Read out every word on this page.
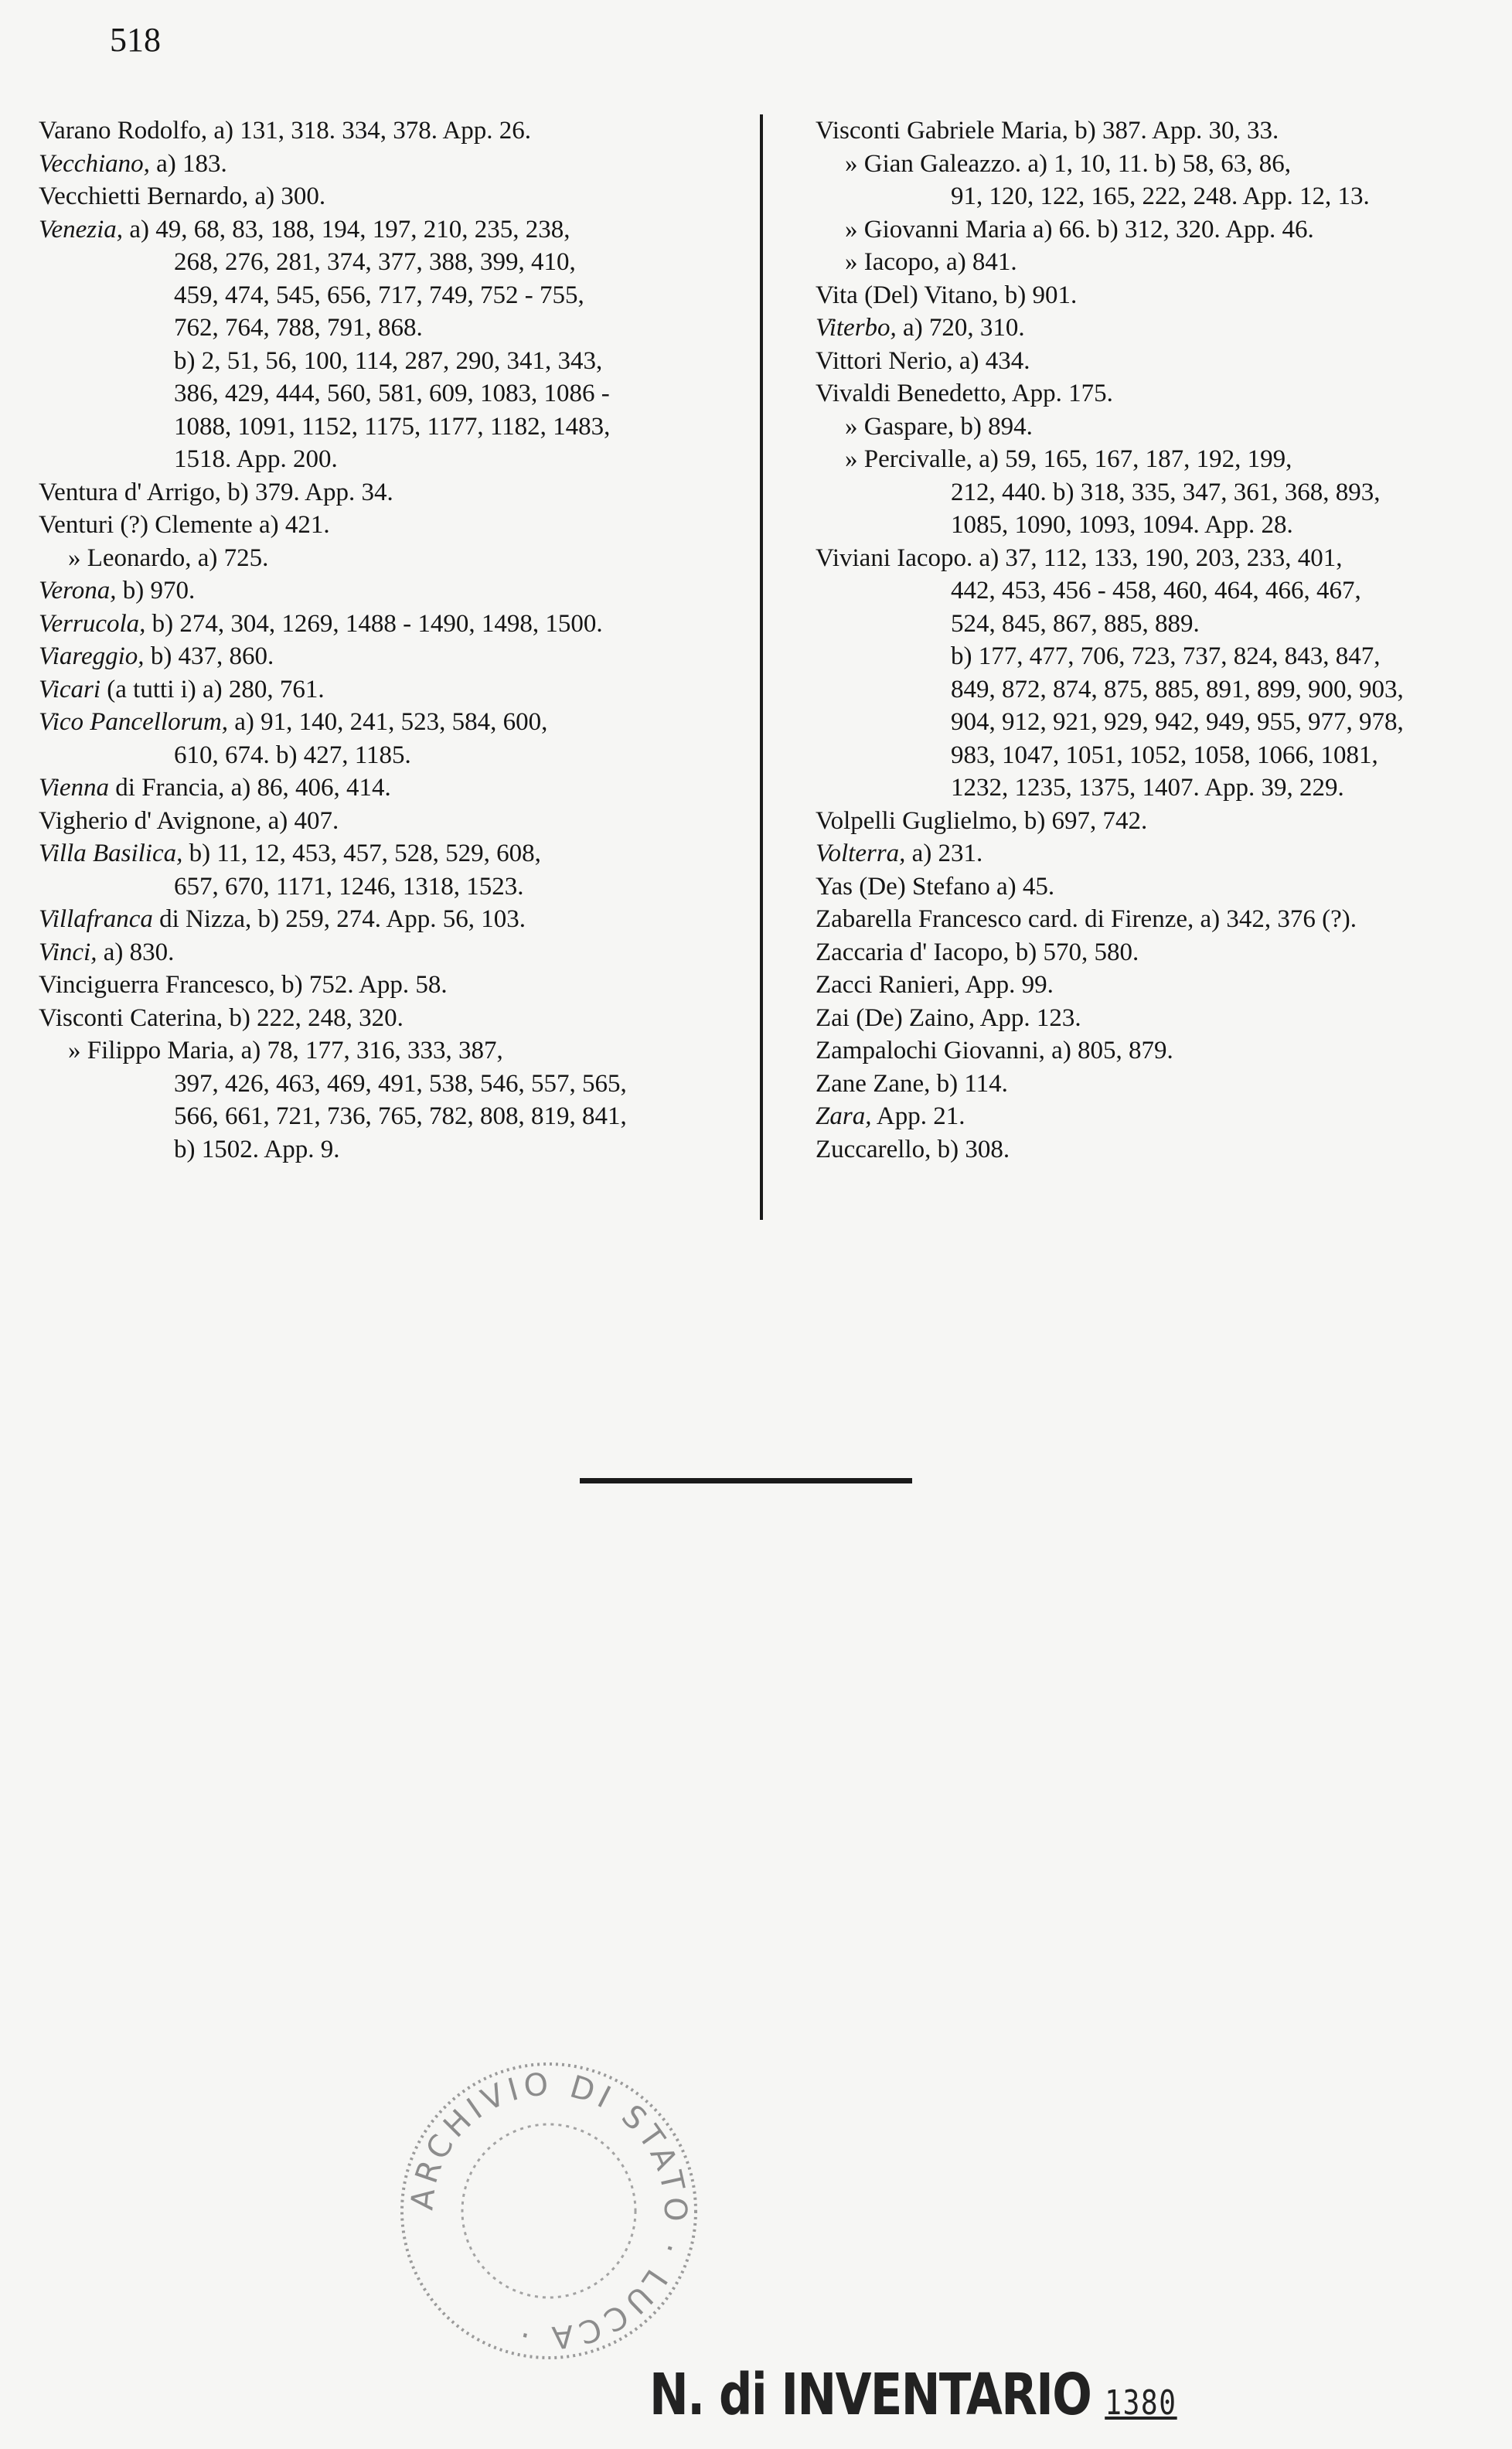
518

Varano Rodolfo, a) 131, 318. 334, 378. App. 26.

Vecchiano, a) 183.

Vecchietti Bernardo, a) 300.

Venezia, a) 49, 68, 83, 188, 194, 197, 210, 235, 238,

268, 276, 281, 374, 377, 388, 399, 410,

459, 474, 545, 656, 717, 749, 752 - 755,

762, 764, 788, 791, 868.

b) 2, 51, 56, 100, 114, 287, 290, 341, 343,

386, 429, 444, 560, 581, 609, 1083, 1086 -

1088, 1091, 1152, 1175, 1177, 1182, 1483,

1518. App. 200.

Ventura d' Arrigo, b) 379. App. 34.

Venturi (?) Clemente a) 421.

» Leonardo, a) 725.

Verona, b) 970.

Verrucola, b) 274, 304, 1269, 1488 - 1490, 1498, 1500.

Viareggio, b) 437, 860.

Vicari (a tutti i) a) 280, 761.

Vico Pancellorum, a) 91, 140, 241, 523, 584, 600,

610, 674. b) 427, 1185.

Vienna di Francia, a) 86, 406, 414.

Vigherio d' Avignone, a) 407.

Villa Basilica, b) 11, 12, 453, 457, 528, 529, 608,

657, 670, 1171, 1246, 1318, 1523.

Villafranca di Nizza, b) 259, 274. App. 56, 103.

Vinci, a) 830.

Vinciguerra Francesco, b) 752. App. 58.

Visconti Caterina, b) 222, 248, 320.

» Filippo Maria, a) 78, 177, 316, 333, 387,

397, 426, 463, 469, 491, 538, 546, 557, 565,

566, 661, 721, 736, 765, 782, 808, 819, 841,

b) 1502. App. 9.

Visconti Gabriele Maria, b) 387. App. 30, 33.

» Gian Galeazzo. a) 1, 10, 11. b) 58, 63, 86,

91, 120, 122, 165, 222, 248. App. 12, 13.

» Giovanni Maria a) 66. b) 312, 320. App. 46.

» Iacopo, a) 841.

Vita (Del) Vitano, b) 901.

Viterbo, a) 720, 310.

Vittori Nerio, a) 434.

Vivaldi Benedetto, App. 175.

» Gaspare, b) 894.

» Percivalle, a) 59, 165, 167, 187, 192, 199,

212, 440. b) 318, 335, 347, 361, 368, 893,

1085, 1090, 1093, 1094. App. 28.

Viviani Iacopo. a) 37, 112, 133, 190, 203, 233, 401,

442, 453, 456 - 458, 460, 464, 466, 467,

524, 845, 867, 885, 889.

b) 177, 477, 706, 723, 737, 824, 843, 847,

849, 872, 874, 875, 885, 891, 899, 900, 903,

904, 912, 921, 929, 942, 949, 955, 977, 978,

983, 1047, 1051, 1052, 1058, 1066, 1081,

1232, 1235, 1375, 1407. App. 39, 229.

Volpelli Guglielmo, b) 697, 742.

Volterra, a) 231.

Yas (De) Stefano a) 45.

Zabarella Francesco card. di Firenze, a) 342, 376 (?).

Zaccaria d' Iacopo, b) 570, 580.

Zacci Ranieri, App. 99.

Zai (De) Zaino, App. 123.

Zampalochi Giovanni, a) 805, 879.

Zane Zane, b) 114.

Zara, App. 21.

Zuccarello, b) 308.

ARCHIVIO DI STATO · LUCCA ·
N. di INVENTARIO 1380
